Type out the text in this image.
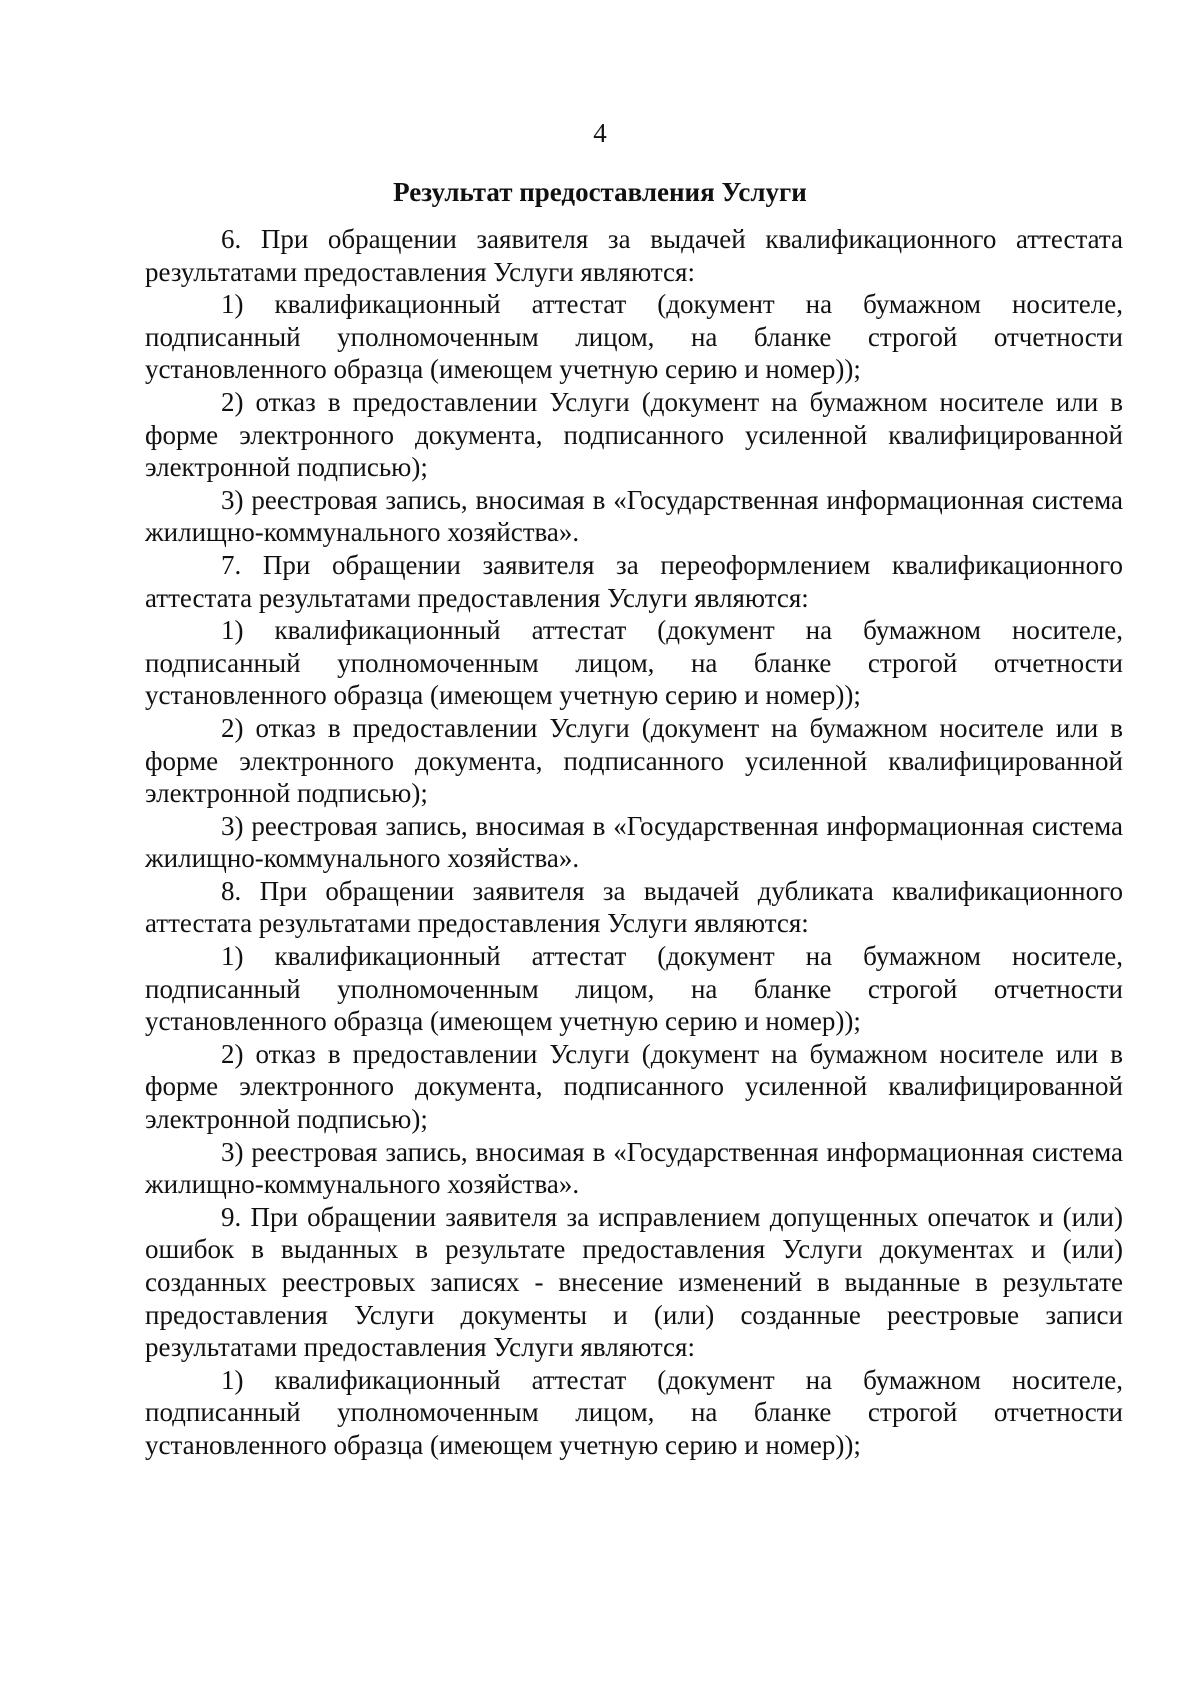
4
Результат предоставления Услуги

6. При обращении заявителя за выдачей квалификационного аттестата результатами предоставления Услуги являются:

1) квалификационный аттестат (документ на бумажном носителе, подписанный уполномоченным лицом, на бланке строгой отчетности установленного образца (имеющем учетную серию и номер));

2) отказ в предоставлении Услуги (документ на бумажном носителе или в форме электронного документа, подписанного усиленной квалифицированной электронной подписью);

3) реестровая запись, вносимая в «Государственная информационная система жилищно-коммунального хозяйства».

7. При обращении заявителя за переоформлением квалификационного аттестата результатами предоставления Услуги являются:

1) квалификационный аттестат (документ на бумажном носителе, подписанный уполномоченным лицом, на бланке строгой отчетности установленного образца (имеющем учетную серию и номер));

2) отказ в предоставлении Услуги (документ на бумажном носителе или в форме электронного документа, подписанного усиленной квалифицированной электронной подписью);

3) реестровая запись, вносимая в «Государственная информационная система жилищно-коммунального хозяйства».

8. При обращении заявителя за выдачей дубликата квалификационного аттестата результатами предоставления Услуги являются:

1) квалификационный аттестат (документ на бумажном носителе, подписанный уполномоченным лицом, на бланке строгой отчетности установленного образца (имеющем учетную серию и номер));

2) отказ в предоставлении Услуги (документ на бумажном носителе или в форме электронного документа, подписанного усиленной квалифицированной электронной подписью);

3) реестровая запись, вносимая в «Государственная информационная система жилищно-коммунального хозяйства».

9. При обращении заявителя за исправлением допущенных опечаток и (или) ошибок в выданных в результате предоставления Услуги документах и (или) созданных реестровых записях - внесение изменений в выданные в результате предоставления Услуги документы и (или) созданные реестровые записи результатами предоставления Услуги являются:

1) квалификационный аттестат (документ на бумажном носителе, подписанный уполномоченным лицом, на бланке строгой отчетности установленного образца (имеющем учетную серию и номер));
